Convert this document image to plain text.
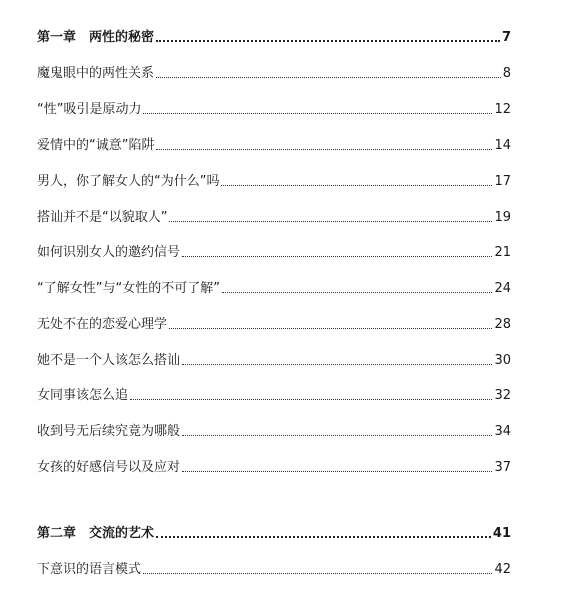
第一章　两性的秘密	7
魔鬼眼中的两性关系	8
“性”吸引是原动力	12
爱情中的“诚意”陷阱	14
男人，你了解女人的“为什么”吗	17
搭讪并不是“以貌取人”	19
如何识别女人的邀约信号	21
“了解女性”与“女性的不可了解”	24
无处不在的恋爱心理学	28
她不是一个人该怎么搭讪	30
女同事该怎么追	32
收到号无后续究竟为哪般	34
女孩的好感信号以及应对	37
第二章　交流的艺术	41
下意识的语言模式	42
